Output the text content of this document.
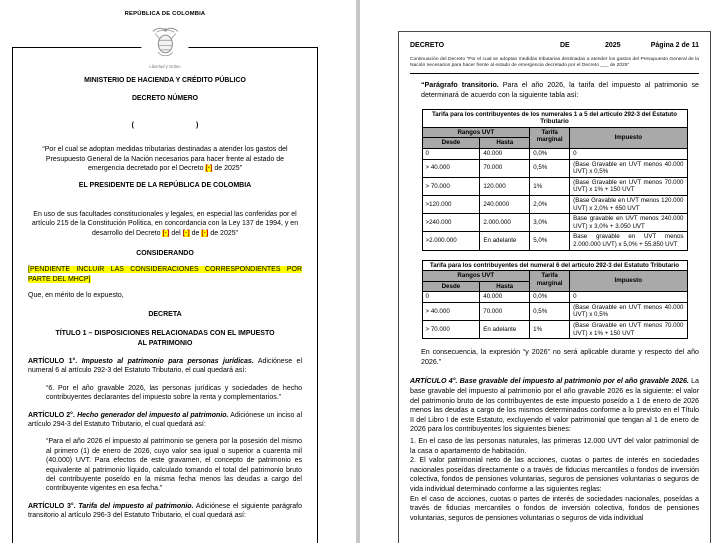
REPÚBLICA DE COLOMBIA
Libertad y Orden
MINISTERIO DE HACIENDA Y CRÉDITO PÚBLICO
DECRETO NÚMERO
(	)

“Por el cual se adoptan medidas tributarias destinadas a atender los gastos del Presupuesto General de la Nación necesarios para hacer frente al estado de emergencia decretado por el Decreto [·] de 2025”

EL PRESIDENTE DE LA REPÚBLICA DE COLOMBIA

En uso de sus facultades constitucionales y legales, en especial las conferidas por el artículo 215 de la Constitución Política, en concordancia con la Ley 137 de 1994, y en desarrollo del Decreto [·] del [·] de [·] de 2025”

CONSIDERANDO

[PENDIENTE INCLUIR LAS CONSIDERACIONES CORRESPONDIENTES POR PARTE DEL MHCP]

Que, en mérito de lo expuesto,

DECRETA
TÍTULO 1 – DISPOSICIONES RELACIONADAS CON EL IMPUESTO AL PATRIMONIO

ARTÍCULO 1°. Impuesto al patrimonio para personas jurídicas. Adiciónese el numeral 6 al artículo 292-3 del Estatuto Tributario, el cual quedará así:

“6. Por el año gravable 2026, las personas jurídicas y sociedades de hecho contribuyentes declarantes del impuesto sobre la renta y complementarios.”

ARTÍCULO 2°. Hecho generador del impuesto al patrimonio. Adiciónese un inciso al artículo 294-3 del Estatuto Tributario, el cual quedará así:

“Para el año 2026 el impuesto al patrimonio se genera por la posesión del mismo al primero (1) de enero de 2026, cuyo valor sea igual o superior a cuarenta mil (40.000) UVT. Para efectos de este gravamen, el concepto de patrimonio es equivalente al patrimonio líquido, calculado tomando el total del patrimonio bruto del contribuyente poseído en la misma fecha menos las deudas a cargo del contribuyente vigentes en esa fecha.”

ARTÍCULO 3°. Tarifa del impuesto al patrimonio. Adiciónese el siguiente parágrafo transitorio al artículo 296-3 del Estatuto Tributario, el cual quedará así:

DECRETO	DE	2025	Página 2 de 11

Continuación del Decreto “Por el cual se adoptan medidas tributarias destinadas a atender los gastos del Presupuesto General de la Nación necesarios para hacer frente al estado de emergencia decretado por el Decreto ___ de 2025”

“Parágrafo transitorio. Para el año 2026, la tarifa del impuesto al patrimonio se determinará de acuerdo con la siguiente tabla así:

Tarifa para los contribuyentes de los numerales 1 a 5 del artículo 292-3 del Estatuto Tributario			
Rangos UVT		Tarifa marginal	Impuesto
Desde	Hasta		
0	40.000	0,0%	0
> 40.000	70.000	0,5%	(Base Gravable en UVT menos 40.000 UVT) x 0,5%
> 70.000	120.000	1%	(Base Gravable en UVT menos 70.000 UVT) x 1% + 150 UVT
>120.000	240.0000	2,0%	(Base Gravable en UVT menos 120.000 UVT) x 2,0% + 650 UVT
>240.000	2.000.000	3,0%	Base gravable en UVT menos 240.000 UVT) x 3,0% + 3.050 UVT
>2.000.000	En adelante	5,0%	Base gravable en UVT menos 2.000.000 UVT) x 5,0% + 55.850 UVT
Tarifa para los contribuyentes del numeral 6 del artículo 292-3 del Estatuto Tributario			
Rangos UVT		Tarifa marginal	Impuesto
Desde	Hasta		
0	40.000	0,0%	0
> 40.000	70.000	0,5%	(Base Gravable en UVT menos 40.000 UVT) x 0,5%
> 70.000	En adelante	1%	(Base Gravable en UVT menos 70.000 UVT) x 1% + 150 UVT

En consecuencia, la expresión “y 2026” no será aplicable durante y respecto del año 2026.”

ARTÍCULO 4°. Base gravable del impuesto al patrimonio por el año gravable 2026. La base gravable del impuesto al patrimonio por el año gravable 2026 es la siguiente: el valor del patrimonio bruto de los contribuyentes de este impuesto poseído a 1 de enero de 2026 menos las deudas a cargo de los mismos determinados conforme a lo previsto en el Título II del Libro I de este Estatuto, excluyendo el valor patrimonial que tengan al 1 de enero de 2026 para los contribuyentes los siguientes bienes:

1. En el caso de las personas naturales, las primeras 12.000 UVT del valor patrimonial de la casa o apartamento de habitación.

2. El valor patrimonial neto de las acciones, cuotas o partes de interés en sociedades nacionales poseídas directamente o a través de fiducias mercantiles o fondos de inversión colectiva, fondos de pensiones voluntarias, seguros de pensiones voluntarias o seguros de vida individual determinado conforme a las siguientes reglas:

En el caso de acciones, cuotas o partes de interés de sociedades nacionales, poseídas a través de fiducias mercantiles o fondos de inversión colectiva, fondos de pensiones voluntarias, seguros de pensiones voluntarias o seguros de vida individual
